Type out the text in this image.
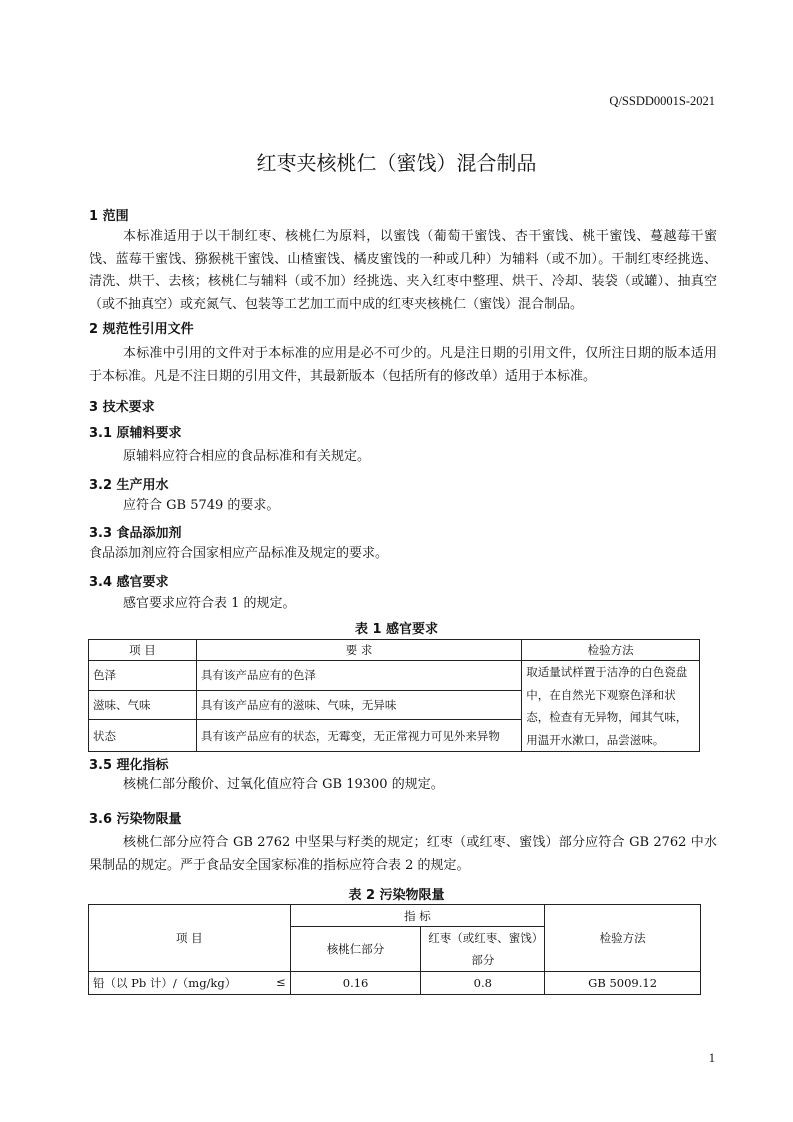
Q/SSDD0001S-2021
红枣夹核桃仁（蜜饯）混合制品
1 范围
本标准适用于以干制红枣、核桃仁为原料，以蜜饯（葡萄干蜜饯、杏干蜜饯、桃干蜜饯、蔓越莓干蜜饯、蓝莓干蜜饯、猕猴桃干蜜饯、山楂蜜饯、橘皮蜜饯的一种或几种）为辅料（或不加）。干制红枣经挑选、清洗、烘干、去核；核桃仁与辅料（或不加）经挑选、夹入红枣中整理、烘干、冷却、装袋（或罐）、抽真空（或不抽真空）或充氮气、包装等工艺加工而中成的红枣夹核桃仁（蜜饯）混合制品。
2 规范性引用文件
本标准中引用的文件对于本标准的应用是必不可少的。凡是注日期的引用文件，仅所注日期的版本适用于本标准。凡是不注日期的引用文件，其最新版本（包括所有的修改单）适用于本标准。
3 技术要求
3.1 原辅料要求
原辅料应符合相应的食品标准和有关规定。
3.2 生产用水
应符合 GB 5749 的要求。
3.3 食品添加剂
食品添加剂应符合国家相应产品标准及规定的要求。
3.4 感官要求
感官要求应符合表 1 的规定。
表 1 感官要求
项 目	要 求	检验方法
色泽	具有该产品应有的色泽	取适量试样置于洁净的白色瓷盘中，在自然光下观察色泽和状态，检查有无异物，闻其气味，用温开水漱口，品尝滋味。
滋味、气味	具有该产品应有的滋味、气味，无异味	
状态	具有该产品应有的状态，无霉变，无正常视力可见外来异物	
3.5 理化指标
核桃仁部分酸价、过氧化值应符合 GB 19300 的规定。
3.6 污染物限量
核桃仁部分应符合 GB 2762 中坚果与籽类的规定；红枣（或红枣、蜜饯）部分应符合 GB 2762 中水果制品的规定。严于食品安全国家标准的指标应符合表 2 的规定。
表 2 污染物限量
项 目	指 标		检验方法
	核桃仁部分	红枣（或红枣、蜜饯）部分	
铅（以 Pb 计）/（mg/kg） ≤	0.16	0.8	GB 5009.12
1
